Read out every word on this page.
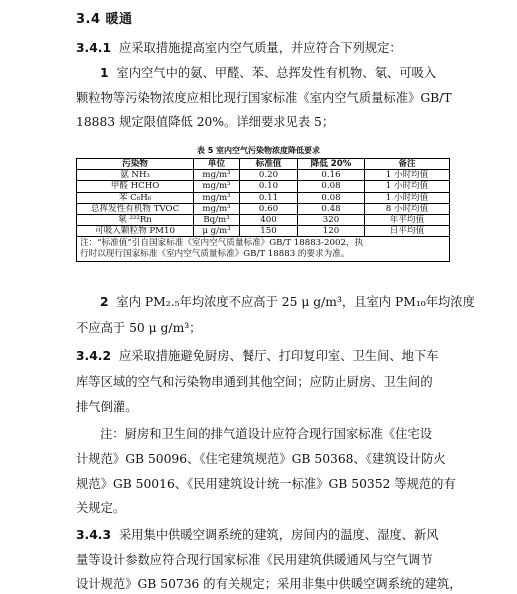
3.4 暖通
3.4.1 应采取措施提高室内空气质量，并应符合下列规定：
1 室内空气中的氨、甲醛、苯、总挥发性有机物、氡、可吸入
颗粒物等污染物浓度应相比现行国家标准《室内空气质量标准》GB/T
18883 规定限值降低 20%。详细要求见表 5；
表 5 室内空气污染物浓度降低要求
污染物	单位	标准值	降低 20%	备注
氨 NH₃	mg/m³	0.20	0.16	1 小时均值
甲醛 HCHO	mg/m³	0.10	0.08	1 小时均值
苯 C₆H₆	mg/m³	0.11	0.08	1 小时均值
总挥发性有机物 TVOC	mg/m³	0.60	0.48	8 小时均值
氡 ²²²Rn	Bq/m³	400	320	年平均值
可吸入颗粒物 PM10	μ g/m³	150	120	日平均值

注：“标准值”引自国家标准《室内空气质量标准》GB/T 18883-2002，执
行时以现行国家标准《室内空气质量标准》GB/T 18883 的要求为准。				
2 室内 PM₂.₅年均浓度不应高于 25 μ g/m³，且室内 PM₁₀年均浓度
不应高于 50 μ g/m³；
3.4.2 应采取措施避免厨房、餐厅、打印复印室、卫生间、地下车
库等区域的空气和污染物串通到其他空间；应防止厨房、卫生间的
排气倒灌。
注：厨房和卫生间的排气道设计应符合现行国家标准《住宅设
计规范》GB 50096、《住宅建筑规范》GB 50368、《建筑设计防火
规范》GB 50016、《民用建筑设计统一标准》GB 50352 等规范的有
关规定。
3.4.3 采用集中供暖空调系统的建筑，房间内的温度、湿度、新风
量等设计参数应符合现行国家标准《民用建筑供暖通风与空气调节
设计规范》GB 50736 的有关规定；采用非集中供暖空调系统的建筑，
